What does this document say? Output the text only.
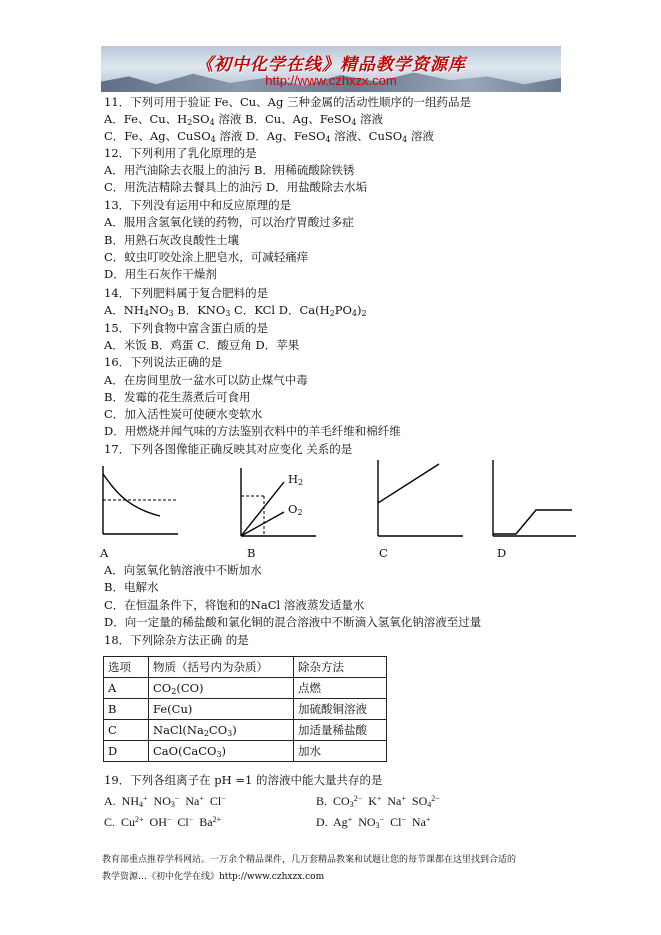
《初中化学在线》精品教学资源库
http://www.czhxzx.com
11．下列可用于验证 Fe、Cu、Ag 三种金属的活动性顺序的一组药品是
A．Fe、Cu、H2SO4 溶液 B．Cu、Ag、FeSO4 溶液
C．Fe、Ag、CuSO4 溶液 D．Ag、FeSO4 溶液、CuSO4 溶液
12．下列利用了乳化原理的是
A．用汽油除去衣服上的油污 B．用稀硫酸除铁锈
C．用洗洁精除去餐具上的油污 D．用盐酸除去水垢
13．下列没有运用中和反应原理的是
A．服用含氢氧化镁的药物，可以治疗胃酸过多症
B．用熟石灰改良酸性土壤
C．蚊虫叮咬处涂上肥皂水，可减轻痛痒
D．用生石灰作干燥剂
14．下列肥料属于复合肥料的是
A．NH4NO3 B．KNO3 C．KCl D．Ca(H2PO4)2
15．下列食物中富含蛋白质的是
A．米饭 B．鸡蛋 C．酸豆角 D．苹果
16．下列说法正确的是
A．在房间里放一盆水可以防止煤气中毒
B．发霉的花生蒸煮后可食用
C．加入活性炭可使硬水变软水
D．用燃烧并闻气味的方法鉴别衣料中的羊毛纤维和棉纤维
17．下列各图像能正确反映其对应变化 关系的是
A
H2
O2
B	C	D
A．向氢氧化钠溶液中不断加水
B．电解水
C．在恒温条件下，将饱和的NaCl 溶液蒸发适量水
D．向一定量的稀盐酸和氯化铜的混合溶液中不断滴入氢氧化钠溶液至过量
18．下列除杂方法正确 的是
选项	物质（括号内为杂质）	除杂方法
A	CO2(CO)	点燃
B	Fe(Cu)	加硫酸铜溶液
C	NaCl(Na2CO3)	加适量稀盐酸
D	CaO(CaCO3)	加水
19．下列各组离子在 pH =1 的溶液中能大量共存的是
A. NH4+ NO3− Na+ Cl−	B. $CO3^{2-}$ K+ Na+ $SO4^{2-}$
C. $Cu^{2+}$ OH− Cl− $Ba^{2+}$	D. Ag+ NO3− Cl− Na+
教育部重点推荐学科网站。一万余个精品课件，几万套精品教案和试题让您的每节课都在这里找到合适的
教学资源…《初中化学在线》http://www.czhxzx.com
